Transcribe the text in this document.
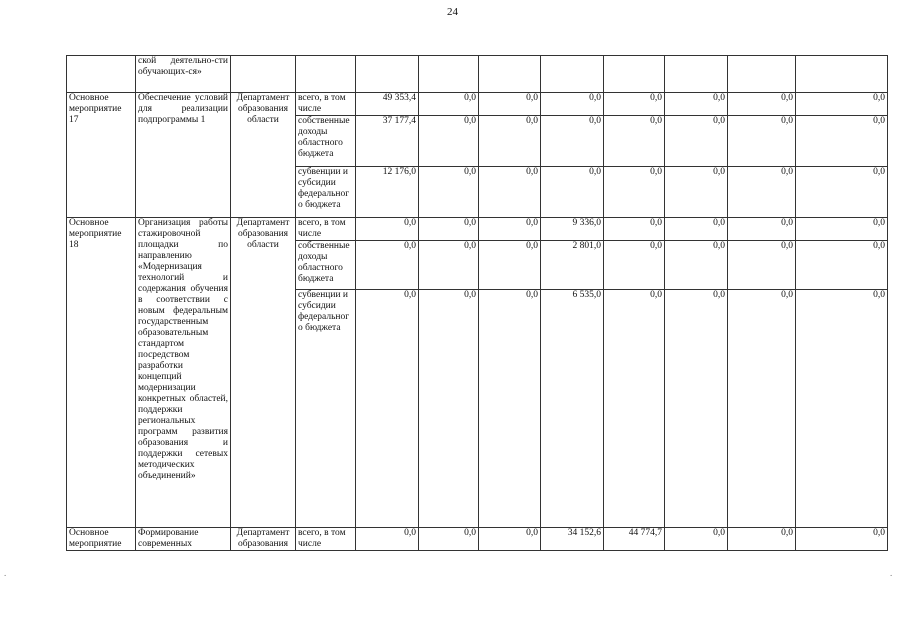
24
	ской деятельно-сти обучающих-ся»										
Основное мероприятие 17	Обеспечение условий для реализации подпрограммы 1	Департамент образования области	всего, в том числе	49 353,4	0,0	0,0	0,0	0,0	0,0	0,0	0,0
			собственные доходы областного бюджета	37 177,4	0,0	0,0	0,0	0,0	0,0	0,0	0,0
			субвенции и субсидии федерального бюджета	12 176,0	0,0	0,0	0,0	0,0	0,0	0,0	0,0
Основное мероприятие 18	Организация работы стажировочной площадки по направлению «Модернизация технологий и содержания обучения в соответствии с новым федеральным государственным образовательным стандартом посредством разработки концепций модернизации конкретных областей, поддержки региональных программ развития образования и поддержки сетевых методических объединений»	Департамент образования области	всего, в том числе	0,0	0,0	0,0	9 336,0	0,0	0,0	0,0	0,0
			собственные доходы областного бюджета	0,0	0,0	0,0	2 801,0	0,0	0,0	0,0	0,0
			субвенции и субсидии федерального бюджета	0,0	0,0	0,0	6 535,0	0,0	0,0	0,0	0,0
Основное мероприятие	Формирование современных	Департамент образования	всего, в том числе	0,0	0,0	0,0	34 152,6	44 774,7	0,0	0,0	0,0
.	.
